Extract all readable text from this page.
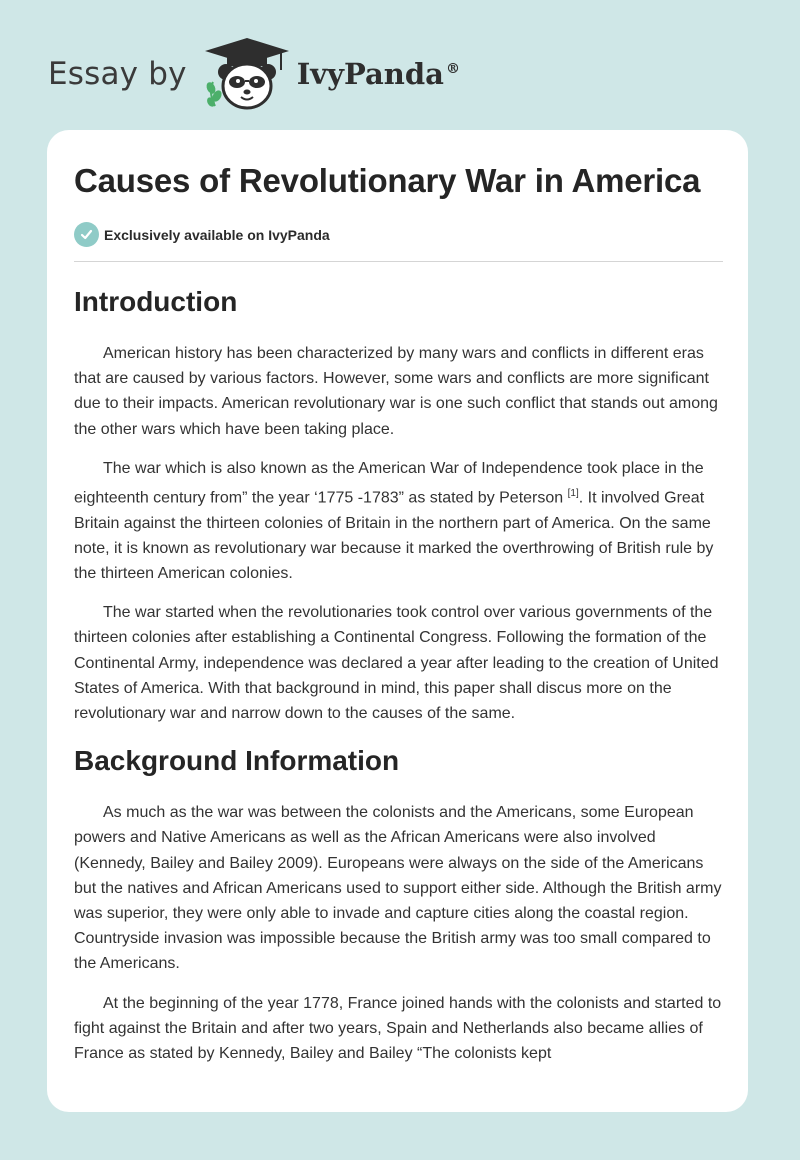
Essay by	IvyPanda ®
Causes of Revolutionary War in America
Exclusively available on IvyPanda
Introduction

American history has been characterized by many wars and conflicts in different eras that are caused by various factors. However, some wars and conflicts are more significant due to their impacts. American revolutionary war is one such conflict that stands out among the other wars which have been taking place.

The war which is also known as the American War of Independence took place in the eighteenth century from” the year ‘1775 -1783” as stated by Peterson [1]. It involved Great Britain against the thirteen colonies of Britain in the northern part of America. On the same note, it is known as revolutionary war because it marked the overthrowing of British rule by the thirteen American colonies.

The war started when the revolutionaries took control over various governments of the thirteen colonies after establishing a Continental Congress. Following the formation of the Continental Army, independence was declared a year after leading to the creation of United States of America. With that background in mind, this paper shall discus more on the revolutionary war and narrow down to the causes of the same.

Background Information

As much as the war was between the colonists and the Americans, some European powers and Native Americans as well as the African Americans were also involved (Kennedy, Bailey and Bailey 2009). Europeans were always on the side of the Americans but the natives and African Americans used to support either side. Although the British army was superior, they were only able to invade and capture cities along the coastal region. Countryside invasion was impossible because the British army was too small compared to the Americans.

At the beginning of the year 1778, France joined hands with the colonists and started to fight against the Britain and after two years, Spain and Netherlands also became allies of France as stated by Kennedy, Bailey and Bailey “The colonists kept
